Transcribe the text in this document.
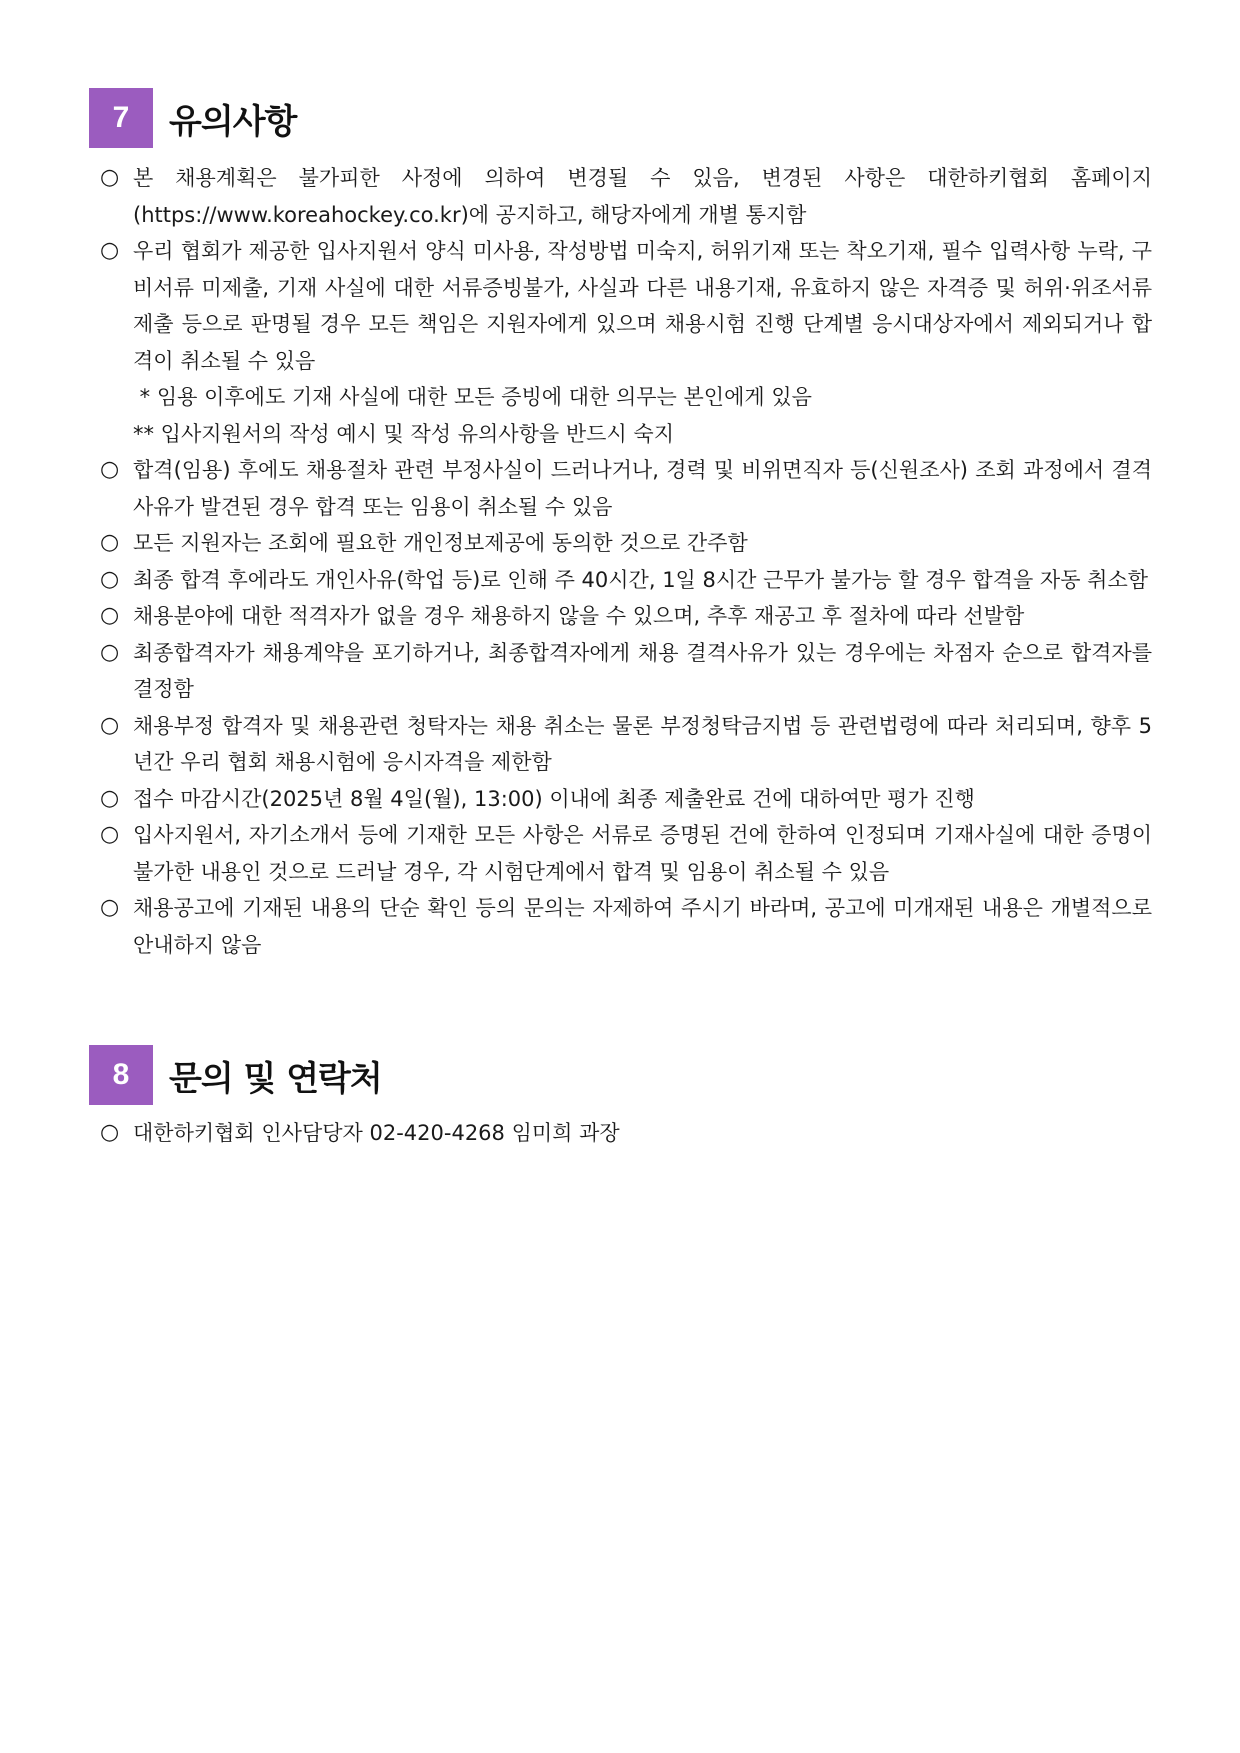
7	유의사항
○ 본 채용계획은 불가피한 사정에 의하여 변경될 수 있음, 변경된 사항은 대한하키협회 홈페이지 (https://www.koreahockey.co.kr)에 공지하고, 해당자에게 개별 통지함
○ 우리 협회가 제공한 입사지원서 양식 미사용, 작성방법 미숙지, 허위기재 또는 착오기재, 필수 입력사항 누락, 구비서류 미제출, 기재 사실에 대한 서류증빙불가, 사실과 다른 내용기재, 유효하지 않은 자격증 및 허위·위조서류 제출 등으로 판명될 경우 모든 책임은 지원자에게 있으며 채용시험 진행 단계별 응시대상자에서 제외되거나 합격이 취소될 수 있음
* 임용 이후에도 기재 사실에 대한 모든 증빙에 대한 의무는 본인에게 있음
** 입사지원서의 작성 예시 및 작성 유의사항을 반드시 숙지
○ 합격(임용) 후에도 채용절차 관련 부정사실이 드러나거나, 경력 및 비위면직자 등(신원조사) 조회 과정에서 결격사유가 발견된 경우 합격 또는 임용이 취소될 수 있음
○ 모든 지원자는 조회에 필요한 개인정보제공에 동의한 것으로 간주함
○ 최종 합격 후에라도 개인사유(학업 등)로 인해 주 40시간, 1일 8시간 근무가 불가능 할 경우 합격을 자동 취소함
○ 채용분야에 대한 적격자가 없을 경우 채용하지 않을 수 있으며, 추후 재공고 후 절차에 따라 선발함
○ 최종합격자가 채용계약을 포기하거나, 최종합격자에게 채용 결격사유가 있는 경우에는 차점자 순으로 합격자를 결정함
○ 채용부정 합격자 및 채용관련 청탁자는 채용 취소는 물론 부정청탁금지법 등 관련법령에 따라 처리되며, 향후 5년간 우리 협회 채용시험에 응시자격을 제한함
○ 접수 마감시간(2025년 8월 4일(월), 13:00) 이내에 최종 제출완료 건에 대하여만 평가 진행
○ 입사지원서, 자기소개서 등에 기재한 모든 사항은 서류로 증명된 건에 한하여 인정되며 기재사실에 대한 증명이 불가한 내용인 것으로 드러날 경우, 각 시험단계에서 합격 및 임용이 취소될 수 있음
○ 채용공고에 기재된 내용의 단순 확인 등의 문의는 자제하여 주시기 바라며, 공고에 미개재된 내용은 개별적으로 안내하지 않음
8	문의 및 연락처
○ 대한하키협회 인사담당자 02-420-4268 임미희 과장
